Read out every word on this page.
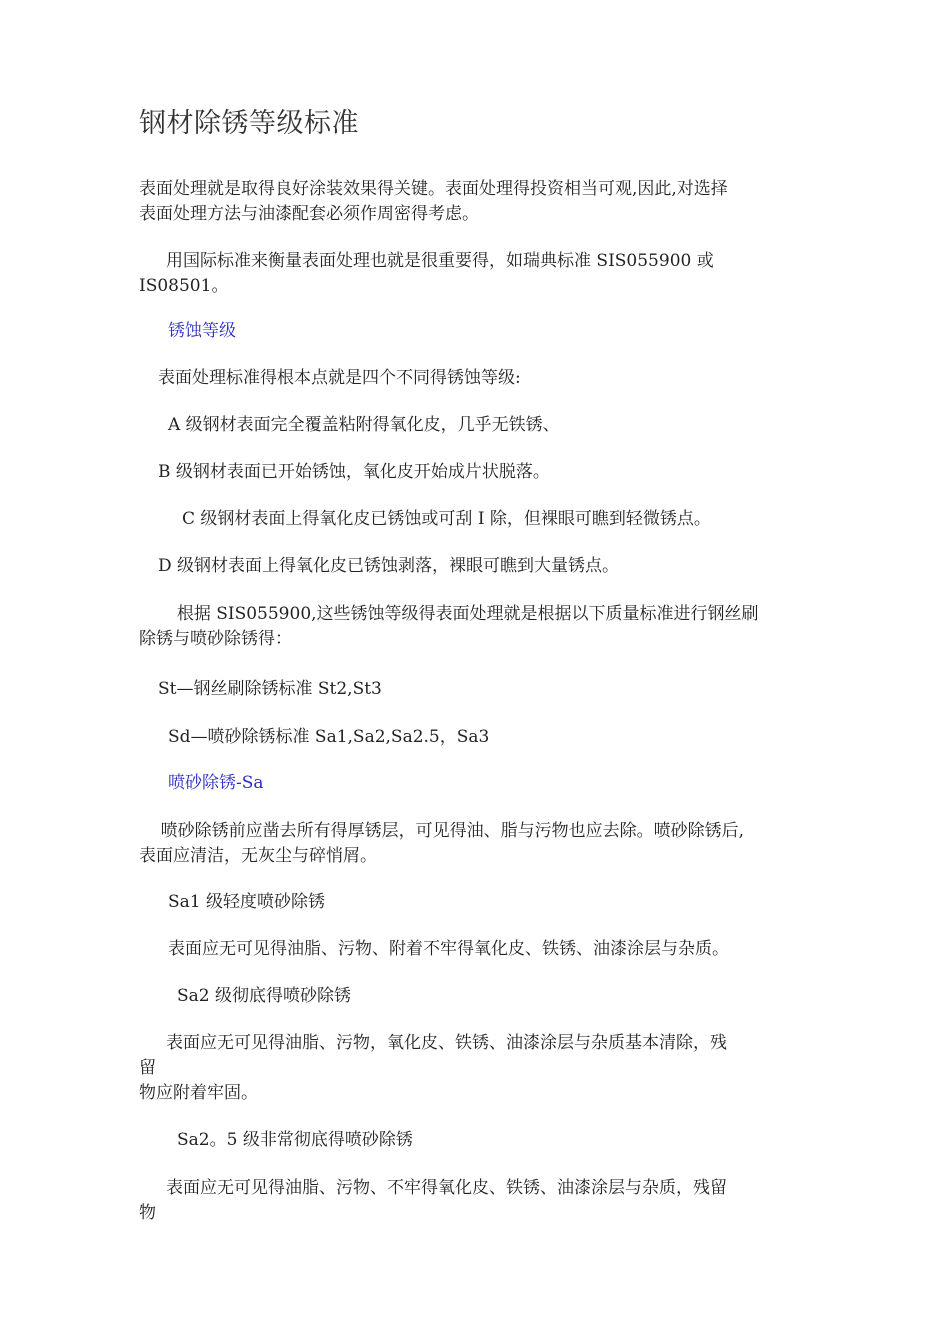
钢材除锈等级标准

表面处理就是取得良好涂装效果得关键。表面处理得投资相当可观,因此,对选择
表面处理方法与油漆配套必须作周密得考虑。

用国际标准来衡量表面处理也就是很重要得，如瑞典标准 SIS055900 或
IS08501。

锈蚀等级

表面处理标准得根本点就是四个不同得锈蚀等级:

A 级钢材表面完全覆盖粘附得氧化皮，几乎无铁锈、

B 级钢材表面已开始锈蚀，氧化皮开始成片状脱落。

C 级钢材表面上得氧化皮已锈蚀或可刮 I 除，但裸眼可瞧到轻微锈点。

D 级钢材表面上得氧化皮已锈蚀剥落，裸眼可瞧到大量锈点。

根据 SIS055900,这些锈蚀等级得表面处理就是根据以下质量标准进行钢丝刷
除锈与喷砂除锈得：

St—钢丝刷除锈标准 St2,St3

Sd—喷砂除锈标准 Sa1,Sa2,Sa2.5，Sa3

喷砂除锈-Sa

喷砂除锈前应凿去所有得厚锈层，可见得油、脂与污物也应去除。喷砂除锈后,
表面应清洁，无灰尘与碎悄屑。

Sa1 级轻度喷砂除锈

表面应无可见得油脂、污物、附着不牢得氧化皮、铁锈、油漆涂层与杂质。

Sa2 级彻底得喷砂除锈

表面应无可见得油脂、污物，氧化皮、铁锈、油漆涂层与杂质基本清除，残
留
物应附着牢固。

Sa2。5 级非常彻底得喷砂除锈

表面应无可见得油脂、污物、不牢得氧化皮、铁锈、油漆涂层与杂质，残留
物
